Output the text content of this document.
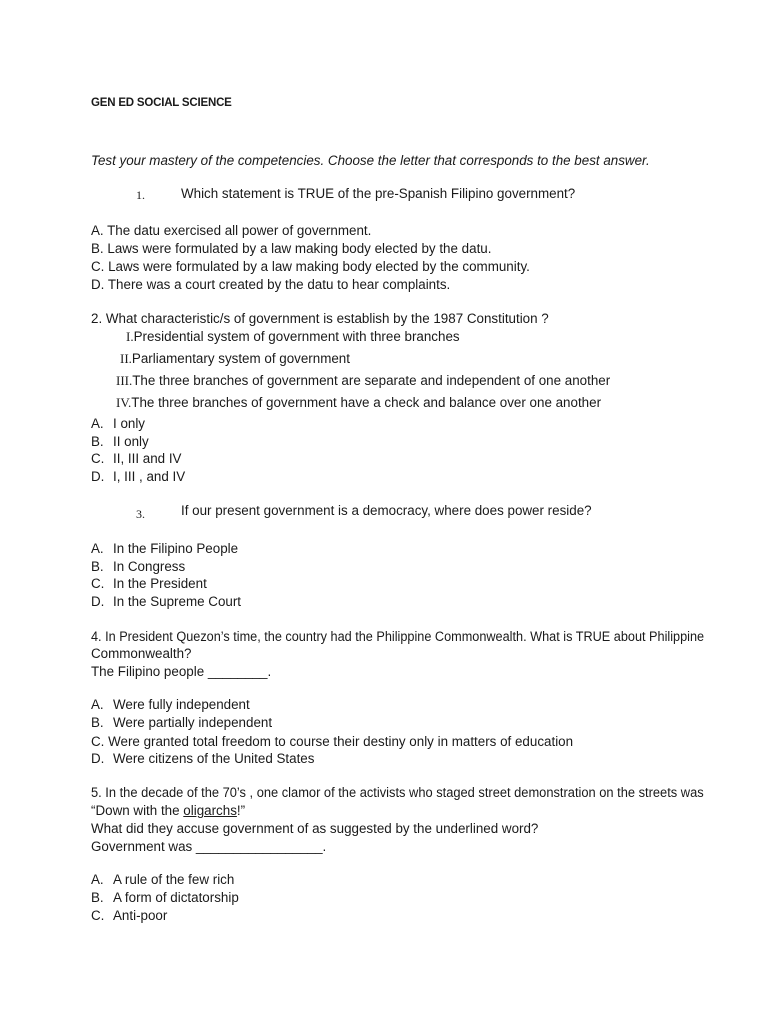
GEN ED SOCIAL SCIENCE
Test your mastery of the competencies. Choose the letter that corresponds to the best answer.
1.	Which statement is TRUE of the pre-Spanish Filipino government?
A. The datu exercised all power of government.
B. Laws were formulated by a law making body elected by the datu.
C. Laws were formulated by a law making body elected by the community.
D. There was a court created by the datu to hear complaints.
2. What characteristic/s of government is establish by the 1987 Constitution ?
I.Presidential system of government with three branches
II.Parliamentary system of government
III.The three branches of government are separate and independent of one another
IV.The three branches of government have a check and balance over one another
A. I only
B. II only
C. II, III and IV
D. I, III , and IV
3.	If our present government is a democracy, where does power reside?
A. In the Filipino People
B. In Congress
C. In the President
D. In the Supreme Court
4. In President Quezon’s time, the country had the Philippine Commonwealth. What is TRUE about Philippine
Commonwealth?
The Filipino people ________.
A. Were fully independent
B. Were partially independent
C. Were granted total freedom to course their destiny only in matters of education
D. Were citizens of the United States
5. In the decade of the 70’s , one clamor of the activists who staged street demonstration on the streets was
“Down with the oligarchs!”
What did they accuse government of as suggested by the underlined word?
Government was _________________.
A. A rule of the few rich
B. A form of dictatorship
C. Anti-poor
